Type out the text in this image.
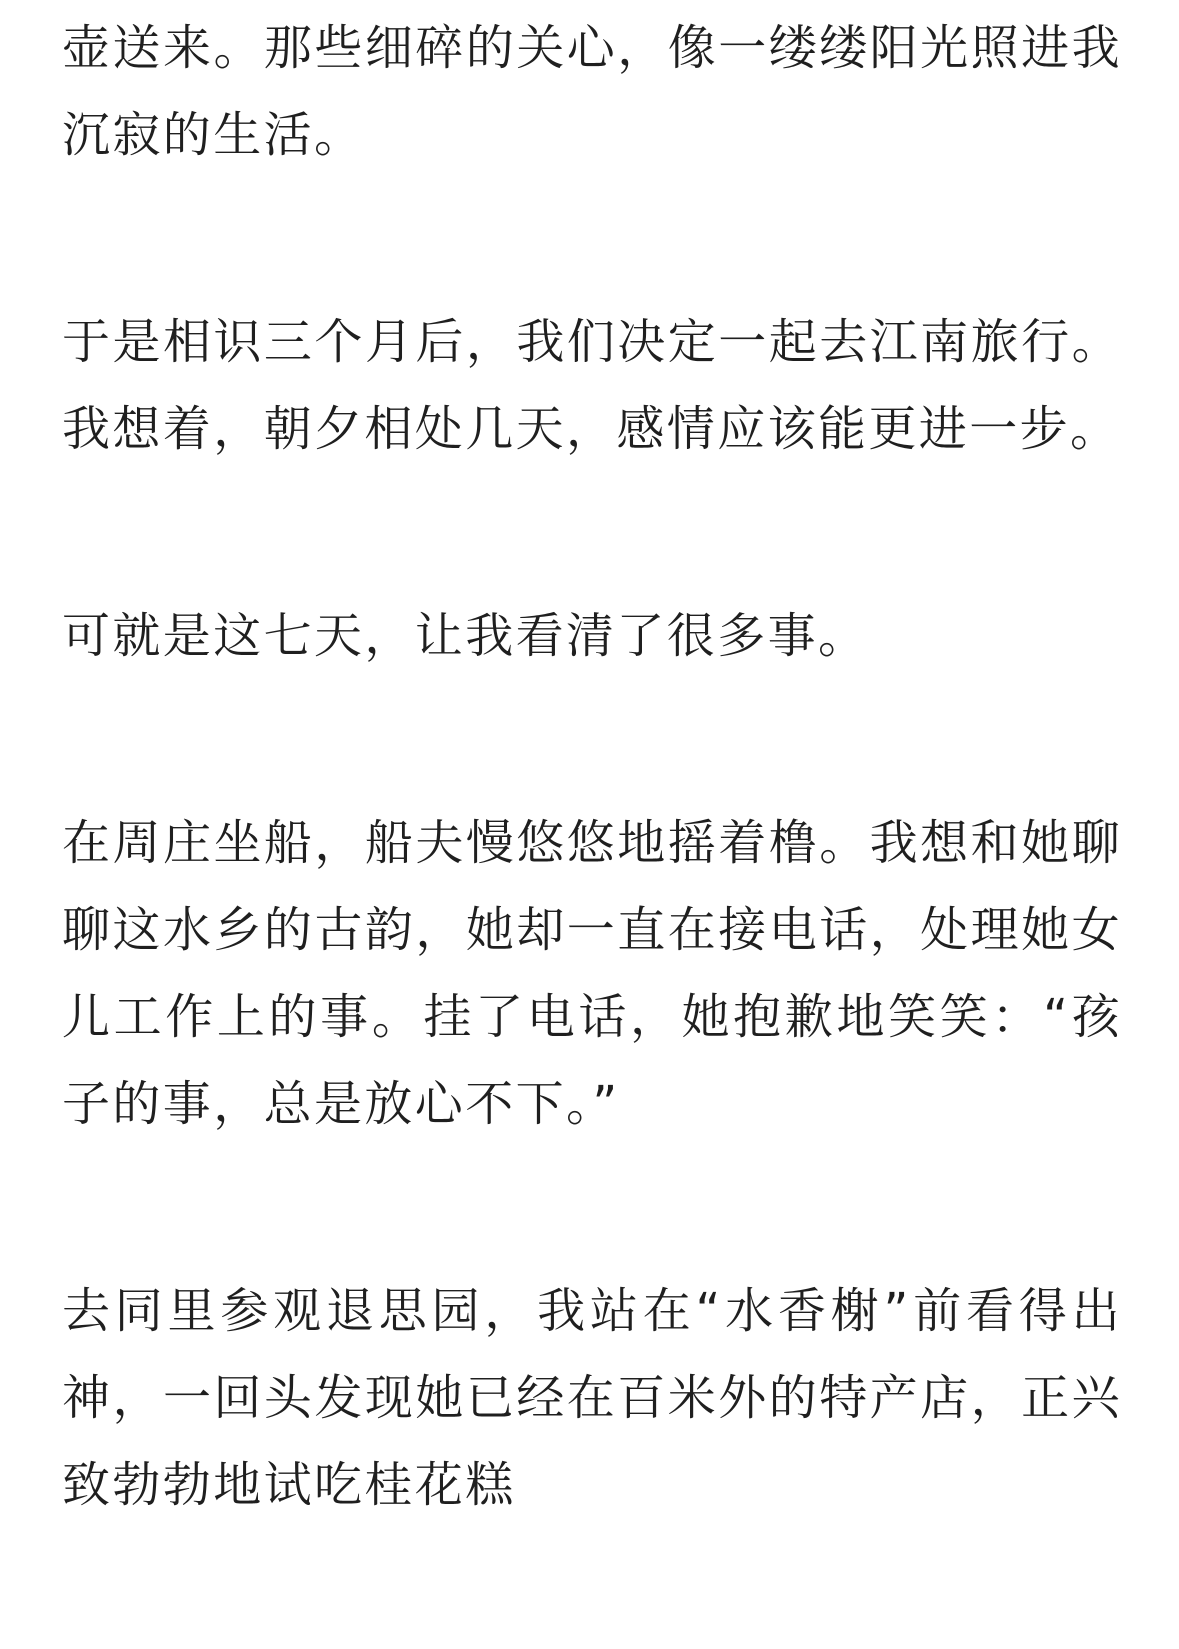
壶送来。那些细碎的关心，像一缕缕阳光照进我沉寂的生活。

于是相识三个月后，我们决定一起去江南旅行。我想着，朝夕相处几天，感情应该能更进一步。

可就是这七天，让我看清了很多事。

在周庄坐船，船夫慢悠悠地摇着橹。我想和她聊聊这水乡的古韵，她却一直在接电话，处理她女儿工作上的事。挂了电话，她抱歉地笑笑：“孩子的事，总是放心不下。”

去同里参观退思园，我站在“水香榭”前看得出神，一回头发现她已经在百米外的特产店，正兴致勃勃地试吃桂花糕
